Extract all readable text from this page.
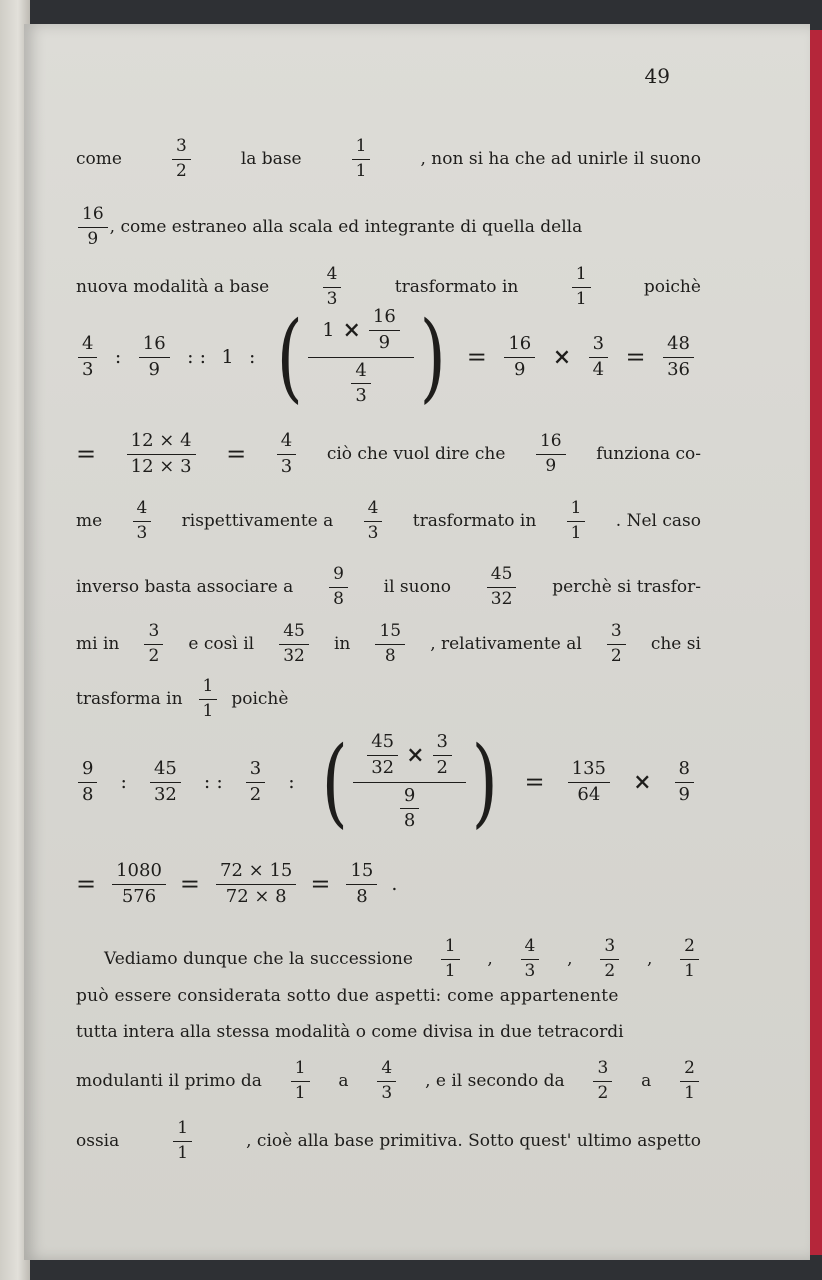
49
come
3
2
la base
1
1
, non si ha che ad unirle il suono
16
9
, come estraneo alla scala ed integrante di quella della
nuova modalità a base
4
3
trasformato in
1
1
poichè
4
3
:
16
9
: : 1 : ( $1 \times \frac{16}{9}$
$\frac{4}{3}$ ) = $\frac{16}{9} \times \frac{3}{4} = \frac{48}{36}$
= $\frac{12 \times 4}{12 \times 3} = \frac{4}{3}$ ciò che vuol dire che
16
9
funziona co-
me
4
3
rispettivamente a
4
3
trasformato in
1
1
. Nel caso
inverso basta associare a
9
8
il suono
45
32
perchè si trasfor-
mi in
3
2
e così il
45
32
in
15
8
, relativamente al
3
2
che si
trasforma in
1
1
poichè
9
8
:
45
32
: :
3
2
: ( $\frac{45}{32} \times \frac{3}{2}$
$\frac{9}{8}$ ) = $\frac{135}{64} \times \frac{8}{9}$
= $\frac{1080}{576} = \frac{72 \times 15}{72 \times 8} = \frac{15}{8}$ .
Vediamo dunque che la successione
1
1
,
4
3
,
3
2
,
2
1
può essere considerata sotto due aspetti: come appartenente
tutta intera alla stessa modalità o come divisa in due tetracordi
modulanti il primo da
1
1
a
4
3
, e il secondo da
3
2
a
2
1
ossia
1
1
, cioè alla base primitiva. Sotto quest' ultimo aspetto
